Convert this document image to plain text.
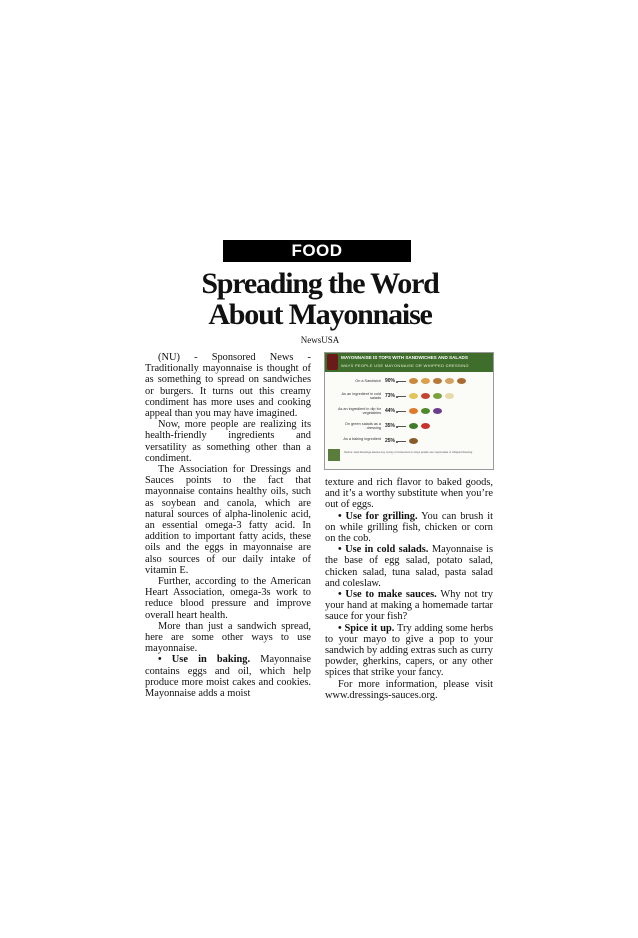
FOOD
Spreading the Word
About Mayonnaise
NewsUSA
MAYONNAISE IS TOPS WITH SANDWICHES AND SALADS
WAYS PEOPLE USE MAYONNAISE OR WHIPPED DRESSING
On a Sandwich 90%
As an ingredient in cold salads 73%
As an ingredient in dip for vegetables 44%
On green salads as a dressing 35%
As a baking ingredient 25%
Source: www.dressings-sauces.org; survey of consumers on ways people use mayonnaise or whipped dressing.

(NU) - Sponsored News - Traditionally mayonnaise is thought of as something to spread on sandwiches or burgers. It turns out this creamy condiment has more uses and cooking appeal than you may have imagined.

Now, more people are realizing its health-friendly ingredients and versatility as something other than a condiment.

The Association for Dressings and Sauces points to the fact that mayonnaise contains healthy oils, such as soybean and canola, which are natural sources of alpha-linolenic acid, an essential omega-3 fatty acid. In addition to important fatty acids, these oils and the eggs in mayonnaise are also sources of our daily intake of vitamin E.

Further, according to the American Heart Association, omega-3s work to reduce blood pressure and improve overall heart health.

More than just a sandwich spread, here are some other ways to use mayonnaise.

• Use in baking. Mayonnaise contains eggs and oil, which help produce more moist cakes and cookies. Mayonnaise adds a moist

texture and rich flavor to baked goods, and it’s a worthy substitute when you’re out of eggs.

• Use for grilling. You can brush it on while grilling fish, chicken or corn on the cob.

• Use in cold salads. Mayonnaise is the base of egg salad, potato salad, chicken salad, tuna salad, pasta salad and coleslaw.

• Use to make sauces. Why not try your hand at making a homemade tartar sauce for your fish?

• Spice it up. Try adding some herbs to your mayo to give a pop to your sandwich by adding extras such as curry powder, gherkins, capers, or any other spices that strike your fancy.

For more information, please visit www.dressings-sauces.org.
